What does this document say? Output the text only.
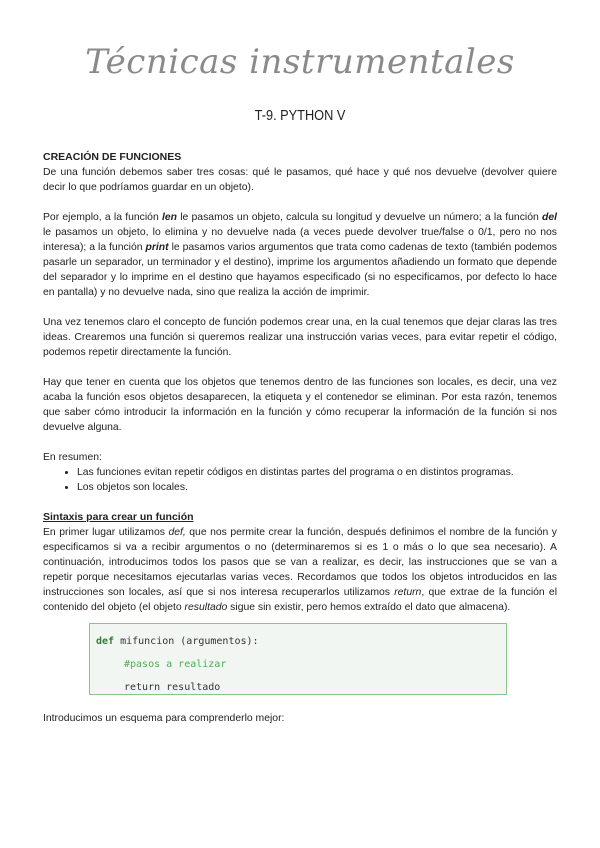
Técnicas instrumentales
T-9. PYTHON V
CREACIÓN DE FUNCIONES

De una función debemos saber tres cosas: qué le pasamos, qué hace y qué nos devuelve (devolver quiere decir lo que podríamos guardar en un objeto).

Por ejemplo, a la función len le pasamos un objeto, calcula su longitud y devuelve un número; a la función del le pasamos un objeto, lo elimina y no devuelve nada (a veces puede devolver true/false o 0/1, pero no nos interesa); a la función print le pasamos varios argumentos que trata como cadenas de texto (también podemos pasarle un separador, un terminador y el destino), imprime los argumentos añadiendo un formato que depende del separador y lo imprime en el destino que hayamos especificado (si no especificamos, por defecto lo hace en pantalla) y no devuelve nada, sino que realiza la acción de imprimir.

Una vez tenemos claro el concepto de función podemos crear una, en la cual tenemos que dejar claras las tres ideas. Crearemos una función si queremos realizar una instrucción varias veces, para evitar repetir el código, podemos repetir directamente la función.

Hay que tener en cuenta que los objetos que tenemos dentro de las funciones son locales, es decir, una vez acaba la función esos objetos desaparecen, la etiqueta y el contenedor se eliminan. Por esta razón, tenemos que saber cómo introducir la información en la función y cómo recuperar la información de la función si nos devuelve alguna.

En resumen:

• Las funciones evitan repetir códigos en distintas partes del programa o en distintos programas.
• Los objetos son locales.
Sintaxis para crear un función

En primer lugar utilizamos def, que nos permite crear la función, después definimos el nombre de la función y especificamos si va a recibir argumentos o no (determinaremos si es 1 o más o lo que sea necesario). A continuación, introducimos todos los pasos que se van a realizar, es decir, las instrucciones que se van a repetir porque necesitamos ejecutarlas varias veces. Recordamos que todos los objetos introducidos en las instrucciones son locales, así que si nos interesa recuperarlos utilizamos return, que extrae de la función el contenido del objeto (el objeto resultado sigue sin existir, pero hemos extraído el dato que almacena).

def mifuncion (argumentos):
#pasos a realizar
return resultado

Introducimos un esquema para comprenderlo mejor:
